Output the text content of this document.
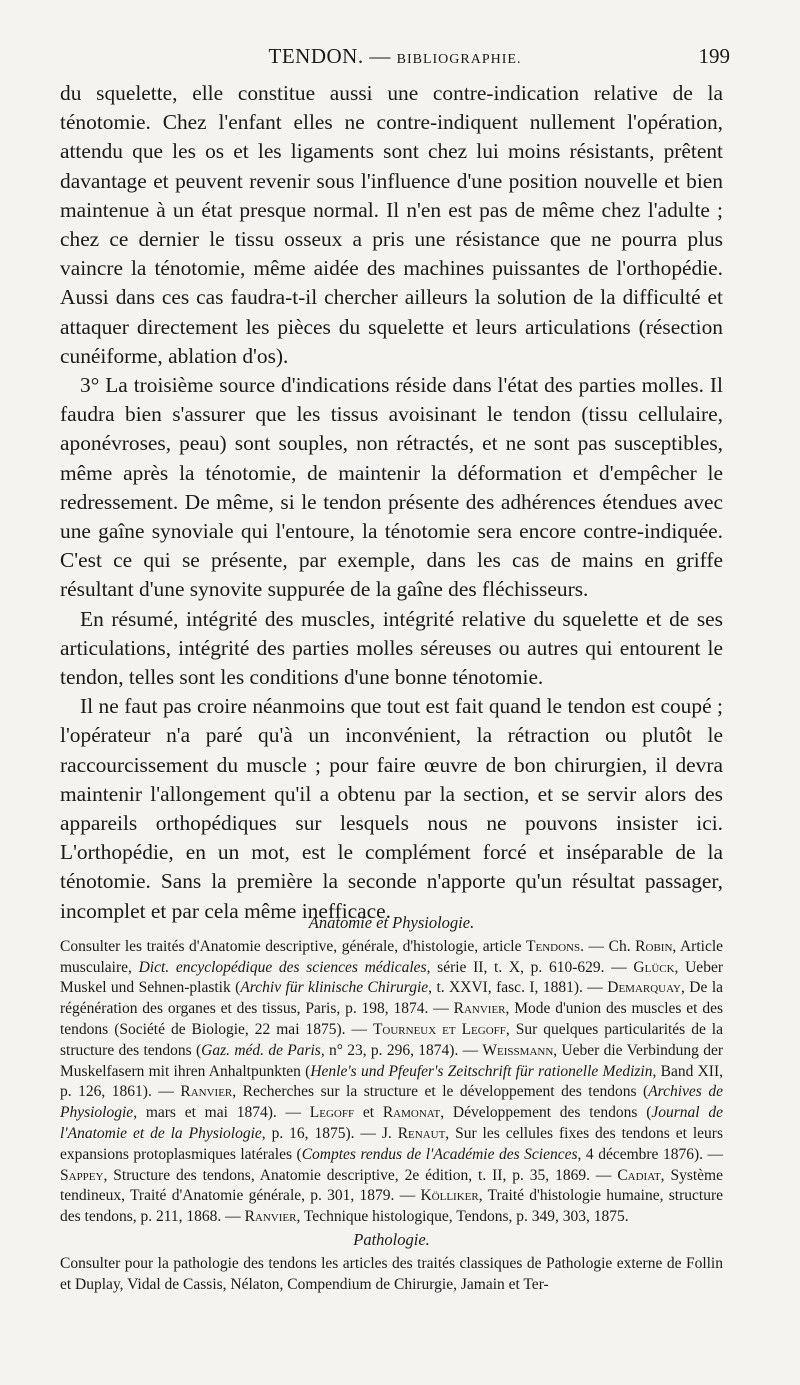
TENDON. — BIBLIOGRAPHIE.	199

du squelette, elle constitue aussi une contre-indication relative de la ténotomie. Chez l'enfant elles ne contre-indiquent nullement l'opération, attendu que les os et les ligaments sont chez lui moins résistants, prêtent davantage et peuvent revenir sous l'influence d'une position nouvelle et bien maintenue à un état presque normal. Il n'en est pas de même chez l'adulte ; chez ce dernier le tissu osseux a pris une résistance que ne pourra plus vaincre la ténotomie, même aidée des machines puissantes de l'orthopédie. Aussi dans ces cas faudra-t-il chercher ailleurs la solution de la difficulté et attaquer directement les pièces du squelette et leurs articulations (résection cunéiforme, ablation d'os).

3° La troisième source d'indications réside dans l'état des parties molles. Il faudra bien s'assurer que les tissus avoisinant le tendon (tissu cellulaire, aponévroses, peau) sont souples, non rétractés, et ne sont pas susceptibles, même après la ténotomie, de maintenir la déformation et d'empêcher le redressement. De même, si le tendon présente des adhérences étendues avec une gaîne synoviale qui l'entoure, la ténotomie sera encore contre-indiquée. C'est ce qui se présente, par exemple, dans les cas de mains en griffe résultant d'une synovite suppurée de la gaîne des fléchisseurs.

En résumé, intégrité des muscles, intégrité relative du squelette et de ses articulations, intégrité des parties molles séreuses ou autres qui entourent le tendon, telles sont les conditions d'une bonne ténotomie.

Il ne faut pas croire néanmoins que tout est fait quand le tendon est coupé ; l'opérateur n'a paré qu'à un inconvénient, la rétraction ou plutôt le raccourcissement du muscle ; pour faire œuvre de bon chirurgien, il devra maintenir l'allongement qu'il a obtenu par la section, et se servir alors des appareils orthopédiques sur lesquels nous ne pouvons insister ici. L'orthopédie, en un mot, est le complément forcé et inséparable de la ténotomie. Sans la première la seconde n'apporte qu'un résultat passager, incomplet et par cela même inefficace.

Anatomie et Physiologie.

Consulter les traités d'Anatomie descriptive, générale, d'histologie, article Tendons. — Ch. Robin, Article musculaire, Dict. encyclopédique des sciences médicales, série II, t. X, p. 610-629. — Glück, Ueber Muskel und Sehnen-plastik (Archiv für klinische Chirurgie, t. XXVI, fasc. I, 1881). — Demarquay, De la régénération des organes et des tissus, Paris, p. 198, 1874. — Ranvier, Mode d'union des muscles et des tendons (Société de Biologie, 22 mai 1875). — Tourneux et Legoff, Sur quelques particularités de la structure des tendons (Gaz. méd. de Paris, n° 23, p. 296, 1874). — Weissmann, Ueber die Verbindung der Muskelfasern mit ihren Anhaltpunkten (Henle's und Pfeufer's Zeitschrift für rationelle Medizin, Band XII, p. 126, 1861). — Ranvier, Recherches sur la structure et le développement des tendons (Archives de Physiologie, mars et mai 1874). — Legoff et Ramonat, Développement des tendons (Journal de l'Anatomie et de la Physiologie, p. 16, 1875). — J. Renaut, Sur les cellules fixes des tendons et leurs expansions protoplasmiques latérales (Comptes rendus de l'Académie des Sciences, 4 décembre 1876). — Sappey, Structure des tendons, Anatomie descriptive, 2e édition, t. II, p. 35, 1869. — Cadiat, Système tendineux, Traité d'Anatomie générale, p. 301, 1879. — Kölliker, Traité d'histologie humaine, structure des tendons, p. 211, 1868. — Ranvier, Technique histologique, Tendons, p. 349, 303, 1875.

Pathologie.

Consulter pour la pathologie des tendons les articles des traités classiques de Pathologie externe de Follin et Duplay, Vidal de Cassis, Nélaton, Compendium de Chirurgie, Jamain et Ter-
